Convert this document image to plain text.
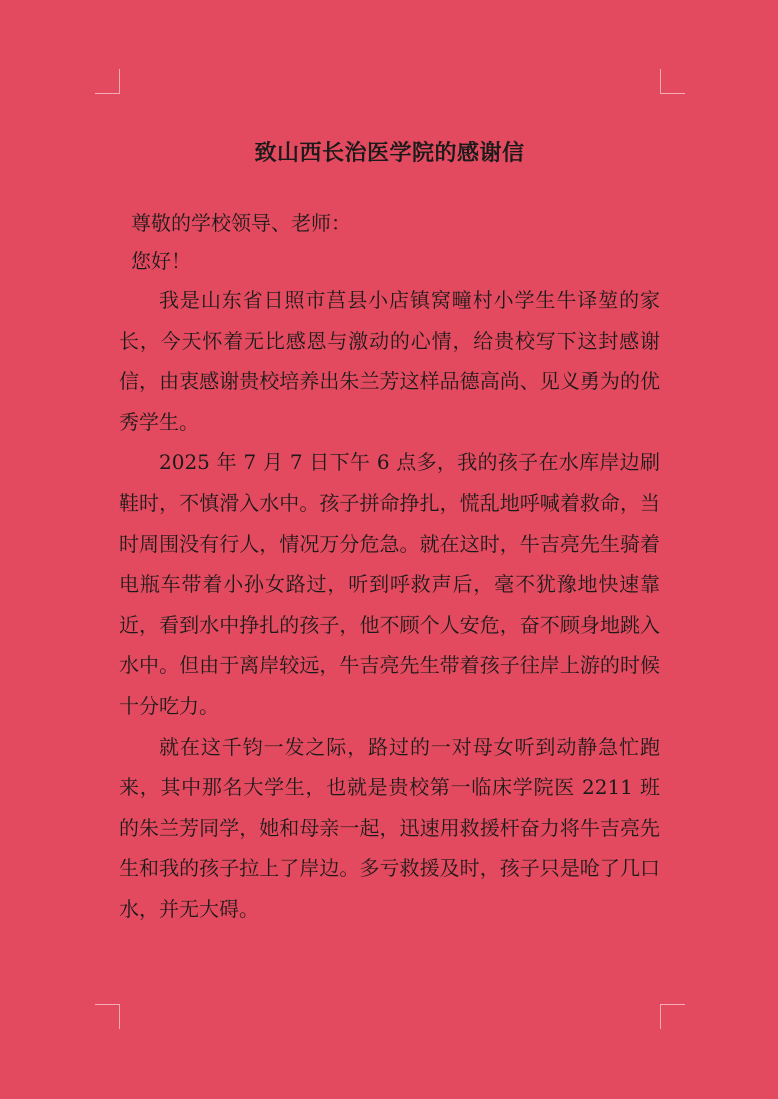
致山西长治医学院的感谢信

尊敬的学校领导、老师：

您好！

我是山东省日照市莒县小店镇窝疃村小学生牛译堃的家长，今天怀着无比感恩与激动的心情，给贵校写下这封感谢信，由衷感谢贵校培养出朱兰芳这样品德高尚、见义勇为的优秀学生。

2025 年 7 月 7 日下午 6 点多，我的孩子在水库岸边刷鞋时，不慎滑入水中。孩子拼命挣扎，慌乱地呼喊着救命，当时周围没有行人，情况万分危急。就在这时，牛吉亮先生骑着电瓶车带着小孙女路过，听到呼救声后，毫不犹豫地快速靠近，看到水中挣扎的孩子，他不顾个人安危，奋不顾身地跳入水中。但由于离岸较远，牛吉亮先生带着孩子往岸上游的时候十分吃力。

就在这千钧一发之际，路过的一对母女听到动静急忙跑来，其中那名大学生，也就是贵校第一临床学院医 2211 班的朱兰芳同学，她和母亲一起，迅速用救援杆奋力将牛吉亮先生和我的孩子拉上了岸边。多亏救援及时，孩子只是呛了几口水，并无大碍。
